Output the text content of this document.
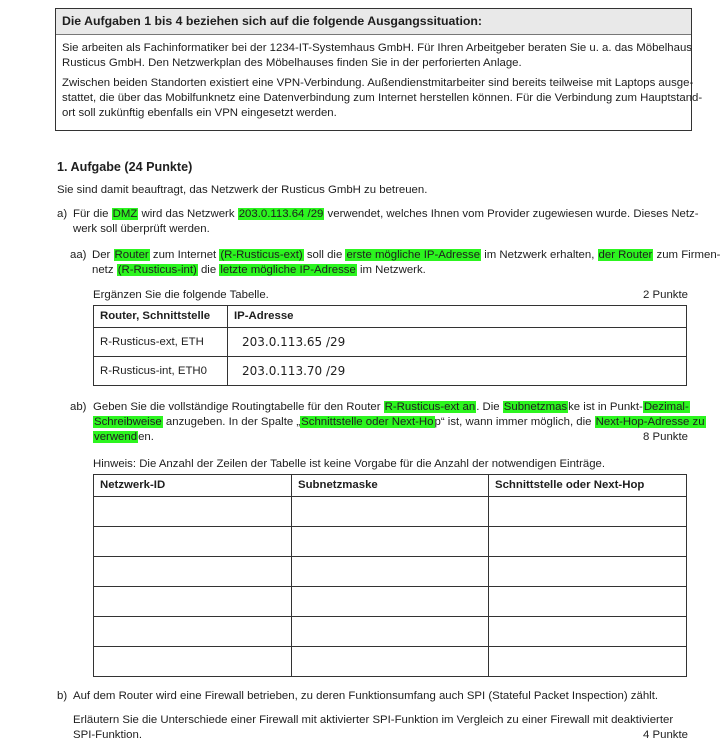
Die Aufgaben 1 bis 4 beziehen sich auf die folgende Ausgangssituation:

Sie arbeiten als Fachinformatiker bei der 1234-IT-Systemhaus GmbH. Für Ihren Arbeitgeber beraten Sie u. a. das Möbelhaus

Rusticus GmbH. Den Netzwerkplan des Möbelhauses finden Sie in der perforierten Anlage.

Zwischen beiden Standorten existiert eine VPN-Verbindung. Außendienstmitarbeiter sind bereits teilweise mit Laptops ausge-

stattet, die über das Mobilfunknetz eine Datenverbindung zum Internet herstellen können. Für die Verbindung zum Hauptstand-

ort soll zukünftig ebenfalls ein VPN eingesetzt werden.

1. Aufgabe (24 Punkte)
Sie sind damit beauftragt, das Netzwerk der Rusticus GmbH zu betreuen.
a) Für die DMZ wird das Netzwerk 203.0.113.64 /29 verwendet, welches Ihnen vom Provider zugewiesen wurde. Dieses Netz-
werk soll überprüft werden.
aa) Der Router zum Internet (R-Rusticus-ext) soll die erste mögliche IP-Adresse im Netzwerk erhalten, der Router zum Firmen-
netz (R-Rusticus-int) die letzte mögliche IP-Adresse im Netzwerk.
Ergänzen Sie die folgende Tabelle.	2 Punkte
Router, Schnittstelle	IP-Adresse
R-Rusticus-ext, ETH	203.0.113.65 /29
R-Rusticus-int, ETH0	203.0.113.70 /29
ab) Geben Sie die vollständige Routingtabelle für den Router R-Rusticus-ext an. Die Subnetzmaske ist in Punkt-Dezimal-
Schreibweise anzugeben. In der Spalte „Schnittstelle oder Next-Hop“ ist, wann immer möglich, die Next-Hop-Adresse zu
verwenden.	8 Punkte
Hinweis: Die Anzahl der Zeilen der Tabelle ist keine Vorgabe für die Anzahl der notwendigen Einträge.
Netzwerk-ID	Subnetzmaske	Schnittstelle oder Next-Hop

b) Auf dem Router wird eine Firewall betrieben, zu deren Funktionsumfang auch SPI (Stateful Packet Inspection) zählt.
Erläutern Sie die Unterschiede einer Firewall mit aktivierter SPI-Funktion im Vergleich zu einer Firewall mit deaktivierter
SPI-Funktion.	4 Punkte
